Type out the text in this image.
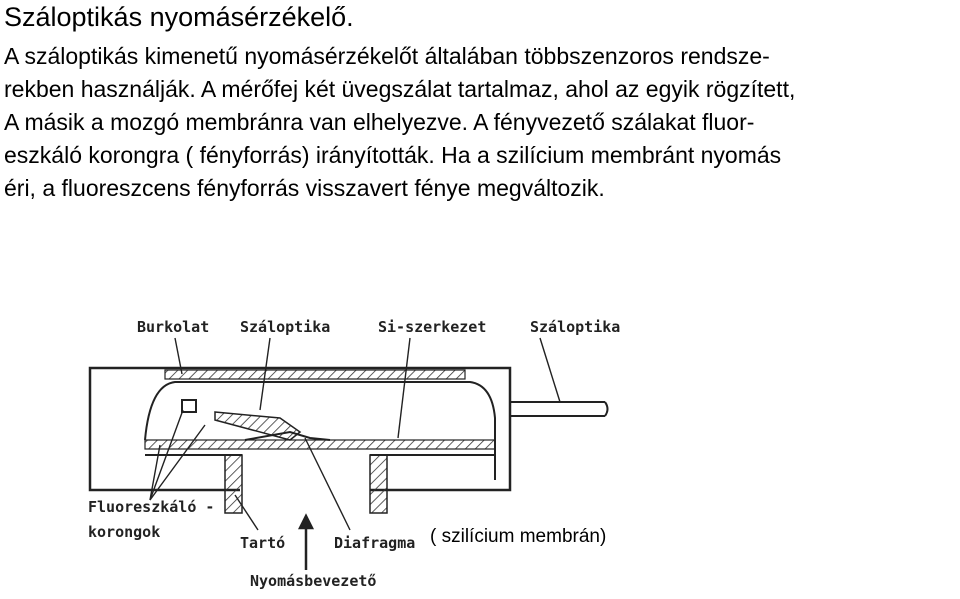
Száloptikás nyomásérzékelő.
A száloptikás kimenetű nyomásérzékelőt általában többszenzoros rendsze-
rekben használják. A mérőfej két üvegszálat tartalmaz, ahol az egyik rögzített,
A másik a mozgó membránra van elhelyezve. A fényvezető szálakat fluor-
eszkáló korongra ( fényforrás) irányították. Ha a szilícium membránt nyomás
éri, a fluoreszcens fényforrás visszavert fénye megváltozik.
Burkolat Száloptika	Si-szerkezet	Száloptika
Fluoreszkáló -
korongok
Tartó	Diafragma
Nyomásbevezető
( szilícium membrán)
